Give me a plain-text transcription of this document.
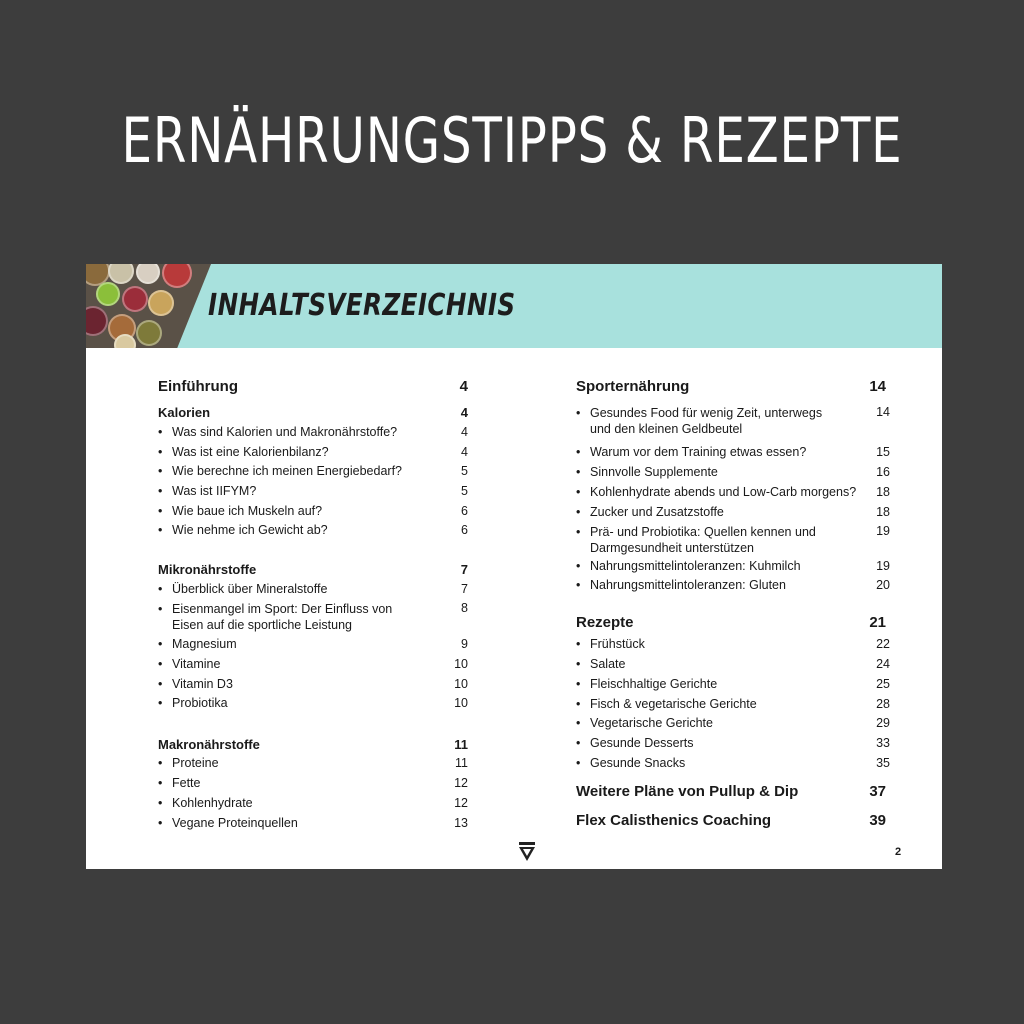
ERNÄHRUNGSTIPPS & REZEPTE
INHALTSVERZEICHNIS
Einführung	4
Kalorien	4
• Was sind Kalorien und Makronährstoffe?	4
• Was ist eine Kalorienbilanz?	4
• Wie berechne ich meinen Energiebedarf?	5
• Was ist IIFYM?	5
• Wie baue ich Muskeln auf?	6
• Wie nehme ich Gewicht ab?	6
Mikronährstoffe	7
• Überblick über Mineralstoffe	7
• Eisenmangel im Sport: Der Einfluss von Eisen auf die sportliche Leistung
8
• Magnesium	9
• Vitamine	10
• Vitamin D3	10
• Probiotika	10
Makronährstoffe	11
• Proteine	11
• Fette	12
• Kohlenhydrate	12
• Vegane Proteinquellen	13
Sporternährung	14
• Gesundes Food für wenig Zeit, unterwegs und den kleinen Geldbeutel
14
• Warum vor dem Training etwas essen?	15
• Sinnvolle Supplemente	16
• Kohlenhydrate abends und Low-Carb morgens? 18
• Zucker und Zusatzstoffe	18
• Prä- und Probiotika: Quellen kennen und Darmgesundheit unterstützen
19
• Nahrungsmittelintoleranzen: Kuhmilch	19
• Nahrungsmittelintoleranzen: Gluten	20
Rezepte	21
• Frühstück	22
• Salate	24
• Fleischhaltige Gerichte	25
• Fisch & vegetarische Gerichte	28
• Vegetarische Gerichte	29
• Gesunde Desserts	33
• Gesunde Snacks	35
Weitere Pläne von Pullup & Dip	37
Flex Calisthenics Coaching	39
2
